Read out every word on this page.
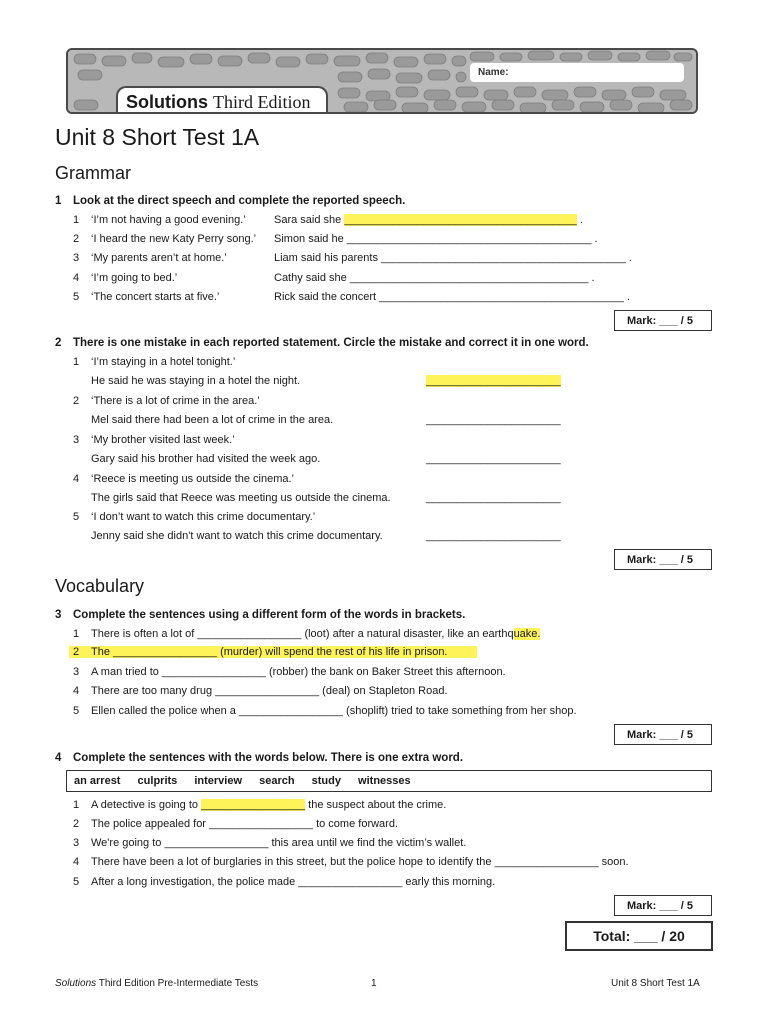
Name:
Solutions Third Edition
Unit 8 Short Test 1A
Grammar
1 Look at the direct speech and complete the reported speech.
1 ‘I’m not having a good evening.’	Sara said she ______________________________________ .
2 ‘I heard the new Katy Perry song.’ Simon said he ________________________________________ .
3 ‘My parents aren’t at home.’	Liam said his parents ________________________________________ .
4 ‘I’m going to bed.’	Cathy said she _______________________________________ .
5 ‘The concert starts at five.’	Rick said the concert ________________________________________ .
Mark: ___ / 5
2 There is one mistake in each reported statement. Circle the mistake and correct it in one word.
1 ‘I’m staying in a hotel tonight.’
He said he was staying in a hotel the night.	______________________
2 ‘There is a lot of crime in the area.’
Mel said there had been a lot of crime in the area.	______________________
3 ‘My brother visited last week.’
Gary said his brother had visited the week ago.	______________________
4 ‘Reece is meeting us outside the cinema.’
The girls said that Reece was meeting us outside the cinema.	______________________
5 ‘I don’t want to watch this crime documentary.’
Jenny said she didn't want to watch this crime documentary.	______________________
Mark: ___ / 5
Vocabulary
3 Complete the sentences using a different form of the words in brackets.
1 There is often a lot of _________________ (loot) after a natural disaster, like an earthquake.
2 The _________________ (murder) will spend the rest of his life in prison.
3 A man tried to _________________ (robber) the bank on Baker Street this afternoon.
4 There are too many drug _________________ (deal) on Stapleton Road.
5 Ellen called the police when a _________________ (shoplift) tried to take something from her shop.
Mark: ___ / 5
4 Complete the sentences with the words below. There is one extra word.
an arrest culprits interview search study witnesses
1 A detective is going to _________________ the suspect about the crime.
2 The police appealed for _________________ to come forward.
3 We're going to _________________ this area until we find the victim’s wallet.
4 There have been a lot of burglaries in this street, but the police hope to identify the _________________ soon.
5 After a long investigation, the police made _________________ early this morning.
Mark: ___ / 5
Total: ___ / 20
Solutions Third Edition Pre-Intermediate Tests	1	Unit 8 Short Test 1A
